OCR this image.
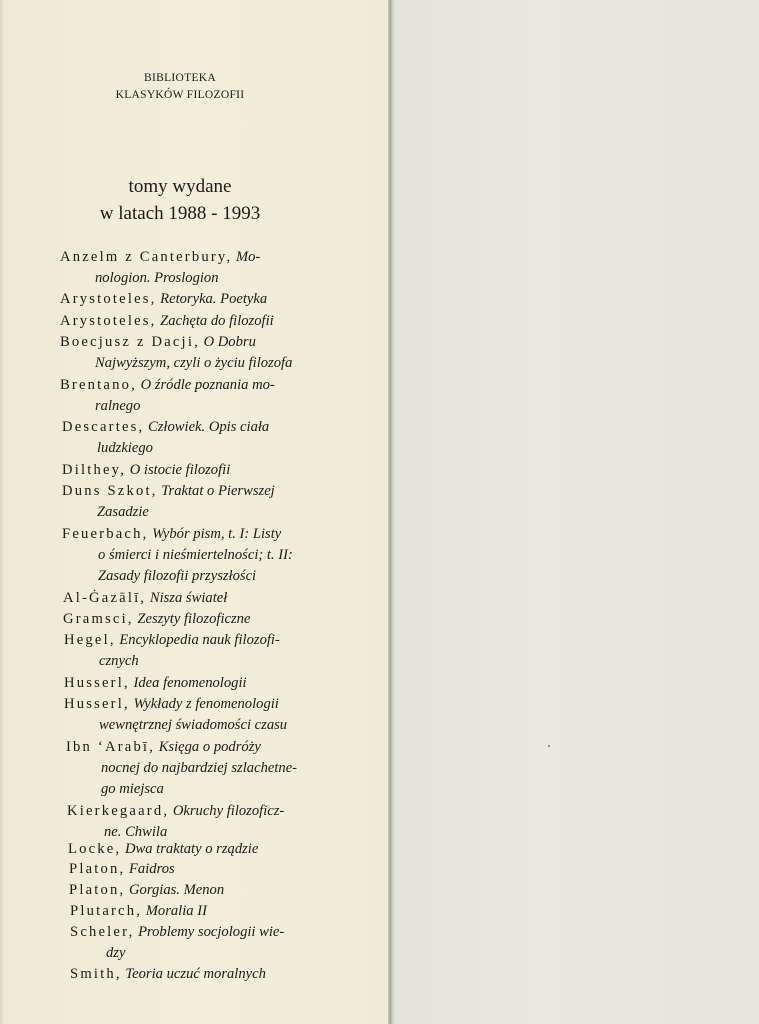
BIBLIOTEKA
KLASYKÓW FILOZOFII
tomy wydane
w latach 1988 - 1993
Anzelm z Canterbury, Mo-
nologion. Proslogion
Arystoteles, Retoryka. Poetyka
Arystoteles, Zachęta do filozofii
Boecjusz z Dacji, O Dobru
Najwyższym, czyli o życiu filozofa
Brentano, O źródle poznania mo-
ralnego
Descartes, Człowiek. Opis ciała
ludzkiego
Dilthey, O istocie filozofii
Duns Szkot, Traktat o Pierwszej
Zasadzie
Feuerbach, Wybór pism, t. I: Listy
o śmierci i nieśmiertelności; t. II:
Zasady filozofii przyszłości
Al-Ġazālī, Nisza świateł
Gramsci, Zeszyty filozoficzne
Hegel, Encyklopedia nauk filozofi-
cznych
Husserl, Idea fenomenologii
Husserl, Wykłady z fenomenologii
wewnętrznej świadomości czasu
Ibn ʻArabī, Księga o podróży
nocnej do najbardziej szlachetne-
go miejsca
Kierkegaard, Okruchy filozoficz-
ne. Chwila
Locke, Dwa traktaty o rządzie
Platon, Faidros
Platon, Gorgias. Menon
Plutarch, Moralia II
Scheler, Problemy socjologii wie-
dzy
Smith, Teoria uczuć moralnych
